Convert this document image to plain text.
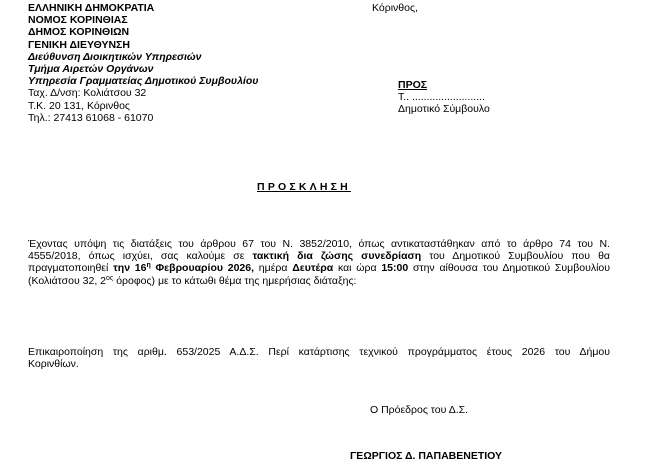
ΕΛΛΗΝΙΚΗ ΔΗΜΟΚΡΑΤΙΑ
ΝΟΜΟΣ ΚΟΡΙΝΘΙΑΣ
ΔΗΜΟΣ ΚΟΡΙΝΘΙΩΝ
ΓΕΝΙΚΗ ΔΙΕΥΘΥΝΣΗ
Διεύθυνση Διοικητικών Υπηρεσιών
Τμήμα Αιρετών Οργάνων
Υπηρεσία Γραμματείας Δημοτικού Συμβουλίου
Ταχ. Δ/νση: Κολιάτσου 32
Τ.Κ. 20 131, Κόρινθος
Τηλ.: 27413 61068 - 61070
Κόρινθος,
ΠΡΟΣ
Τ.. .........................
Δημοτικό Σύμβουλο
ΠΡΟΣΚΛΗΣΗ
Έχοντας υπόψη τις διατάξεις του άρθρου 67 του Ν. 3852/2010, όπως αντικαταστάθηκαν από το άρθρο 74 του Ν.
4555/2018, όπως ισχύει, σας καλούμε σε τακτική δια ζώσης συνεδρίαση του Δημοτικού Συμβουλίου που θα
πραγματοποιηθεί την $16^\eta$ Φεβρουαρίου 2026, ημέρα Δευτέρα και ώρα 15:00 στην αίθουσα του Δημοτικού Συμβουλίου
(Κολιάτσου 32, $2^{o\varsigma}$ όροφος) με το κάτωθι θέμα της ημερήσιας διάταξης:
Επικαιροποίηση της αριθμ. 653/2025 Α.Δ.Σ. Περί κατάρτισης τεχνικού προγράμματος έτους 2026 του Δήμου
Κορινθίων.
Ο Πρόεδρος του Δ.Σ.
ΓΕΩΡΓΙΟΣ Δ. ΠΑΠΑΒΕΝΕΤΙΟΥ
